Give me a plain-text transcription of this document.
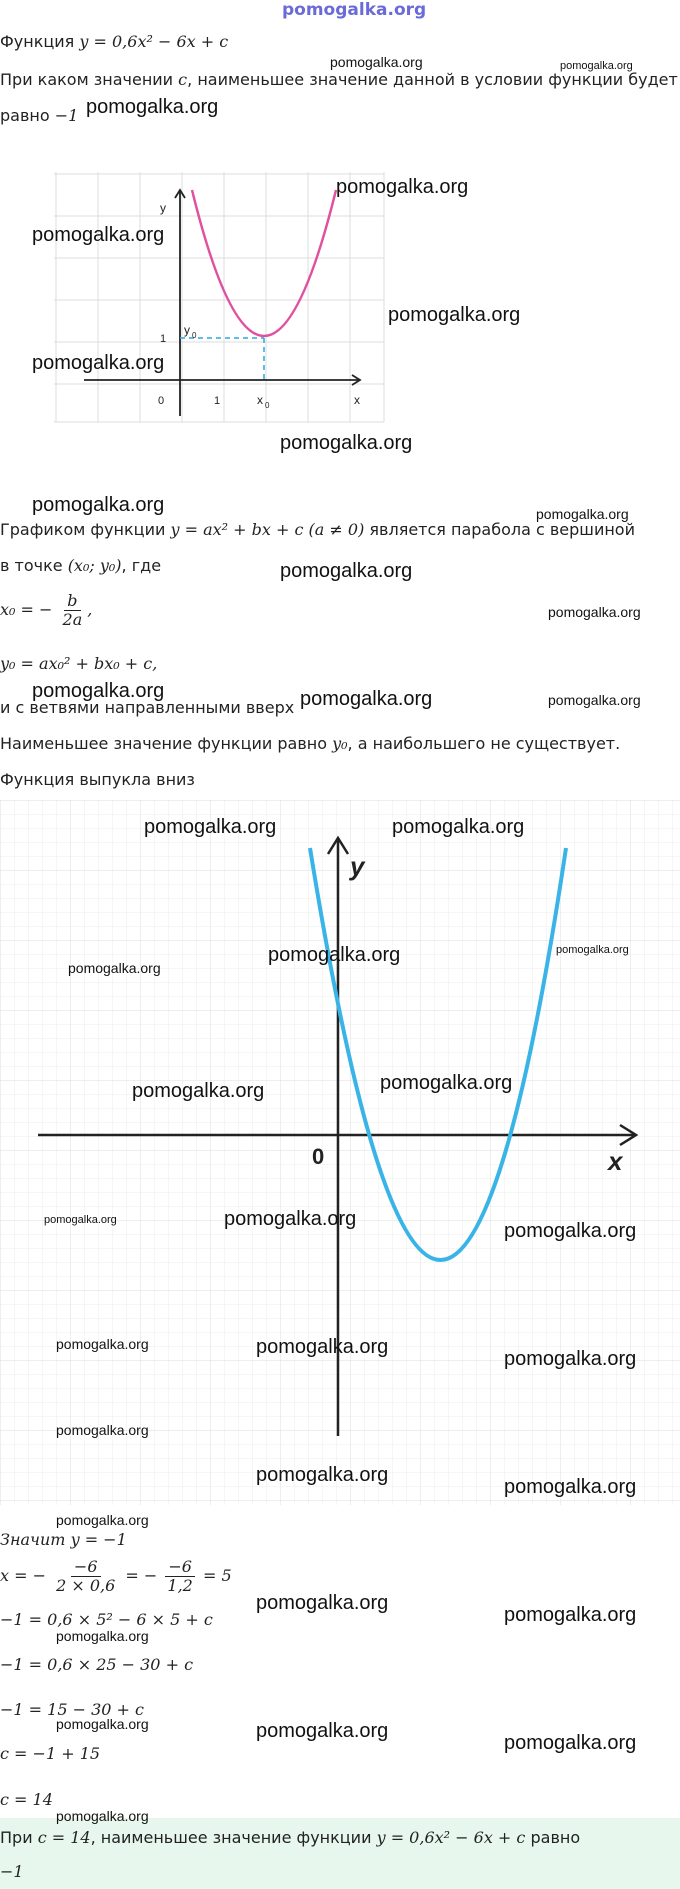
pomogalka.org
Функция y = 0,6x² − 6x + c
При каком значении c, наименьшее значение данной в условии функции будет
равно −1
y
x
0	1
1
y 0
x 0
Графиком функции y = ax² + bx + c (a ≠ 0) является парабола с вершиной
в точке (x₀; y₀), где
x₀ = − $\frac{b}{2a}$ ,
y₀ = ax₀² + bx₀ + c,
и с ветвями направленными вверх
Наименьшее значение функции равно y₀, а наибольшего не существует.
Функция выпукла вниз
y
x
0
Значит y = −1
x = − $\frac{-6}{2 \times 0,6}$ = − $\frac{-6}{1,2} = 5$
−1 = 0,6 × 5² − 6 × 5 + c
−1 = 0,6 × 25 − 30 + c
−1 = 15 − 30 + c
c = −1 + 15
c = 14
При c = 14, наименьшее значение функции y = 0,6x² − 6x + c равно
−1
pomogalka.org	pomogalka.org
pomogalka.org
pomogalka.org
pomogalka.org
pomogalka.org
pomogalka.org
pomogalka.org
pomogalka.org	pomogalka.org
pomogalka.org
pomogalka.org
pomogalka.org	pomogalka.org	pomogalka.org
pomogalka.org	pomogalka.org
pomogalka.org
pomogalka.org	pomogalka.org
pomogalka.org	pomogalka.org
pomogalka.org	pomogalka.org
pomogalka.org
pomogalka.org	pomogalka.org
pomogalka.org
pomogalka.org
pomogalka.org
pomogalka.org
pomogalka.org
pomogalka.org
pomogalka.org
pomogalka.org
pomogalka.org	pomogalka.org
pomogalka.org
pomogalka.org
